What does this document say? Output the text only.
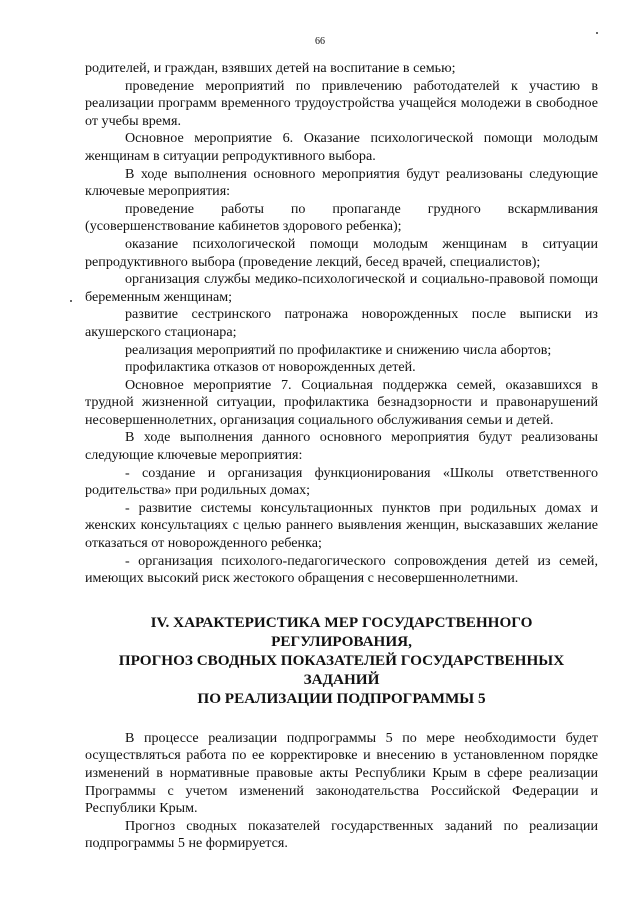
66

родителей, и граждан, взявших детей на воспитание в семью;

проведение мероприятий по привлечению работодателей к участию в реализации программ временного трудоустройства учащейся молодежи в свободное от учебы время.

Основное мероприятие 6. Оказание психологической помощи молодым женщинам в ситуации репродуктивного выбора.

В ходе выполнения основного мероприятия будут реализованы следующие ключевые мероприятия:

проведение работы по пропаганде грудного вскармливания (усовершенствование кабинетов здорового ребенка);

оказание психологической помощи молодым женщинам в ситуации репродуктивного выбора (проведение лекций, бесед врачей, специалистов);

организация службы медико-психологической и социально-правовой помощи беременным женщинам;

развитие сестринского патронажа новорожденных после выписки из акушерского стационара;

реализация мероприятий по профилактике и снижению числа абортов;

профилактика отказов от новорожденных детей.

Основное мероприятие 7. Социальная поддержка семей, оказавшихся в трудной жизненной ситуации, профилактика безнадзорности и правонарушений несовершеннолетних, организация социального обслуживания семьи и детей.

В ходе выполнения данного основного мероприятия будут реализованы следующие ключевые мероприятия:

- создание и организация функционирования «Школы ответственного родительства» при родильных домах;

- развитие системы консультационных пунктов при родильных домах и женских консультациях с целью раннего выявления женщин, высказавших желание отказаться от новорожденного ребенка;

- организация психолого-педагогического сопровождения детей из семей, имеющих высокий риск жестокого обращения с несовершеннолетними.

IV. ХАРАКТЕРИСТИКА МЕР ГОСУДАРСТВЕННОГО РЕГУЛИРОВАНИЯ,
ПРОГНОЗ СВОДНЫХ ПОКАЗАТЕЛЕЙ ГОСУДАРСТВЕННЫХ ЗАДАНИЙ
ПО РЕАЛИЗАЦИИ ПОДПРОГРАММЫ 5

В процессе реализации подпрограммы 5 по мере необходимости будет осуществляться работа по ее корректировке и внесению в установленном порядке изменений в нормативные правовые акты Республики Крым в сфере реализации Программы с учетом изменений законодательства Российской Федерации и Республики Крым.

Прогноз сводных показателей государственных заданий по реализации подпрограммы 5 не формируется.
